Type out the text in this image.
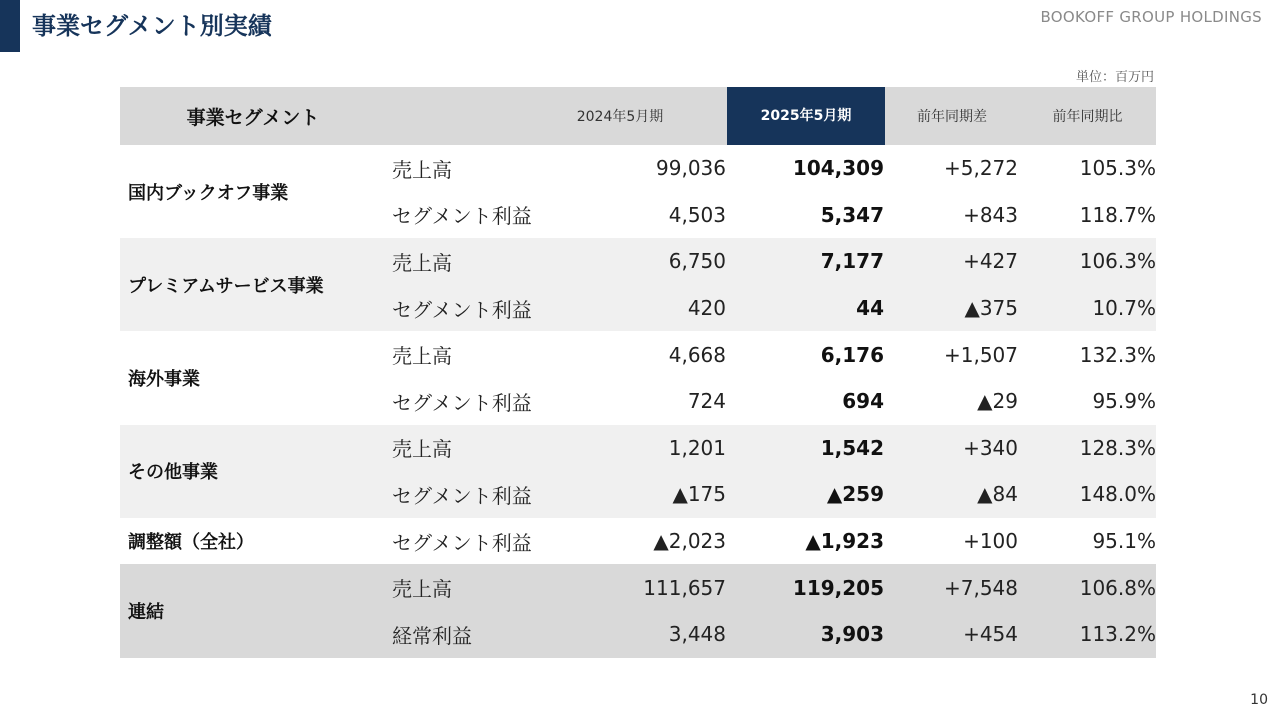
事業セグメント別実績	BOOKOFF GROUP HOLDINGS
単位：百万円
事業セグメント	2024年5月期	2025年5月期	前年同期差	前年同期比
国内ブックオフ事業
売上高	99,036	104,309	+5,272	105.3%
セグメント利益	4,503	5,347	+843	118.7%
プレミアムサービス事業
売上高	6,750	7,177	+427	106.3%
セグメント利益	420	44	▲375	10.7%
海外事業
売上高	4,668	6,176	+1,507	132.3%
セグメント利益	724	694	▲29	95.9%
その他事業
売上高	1,201	1,542	+340	128.3%
セグメント利益	▲175	▲259	▲84	148.0%
調整額（全社）	セグメント利益	▲2,023	▲1,923	+100	95.1%
連結
売上高	111,657	119,205	+7,548	106.8%
経常利益	3,448	3,903	+454	113.2%
10
